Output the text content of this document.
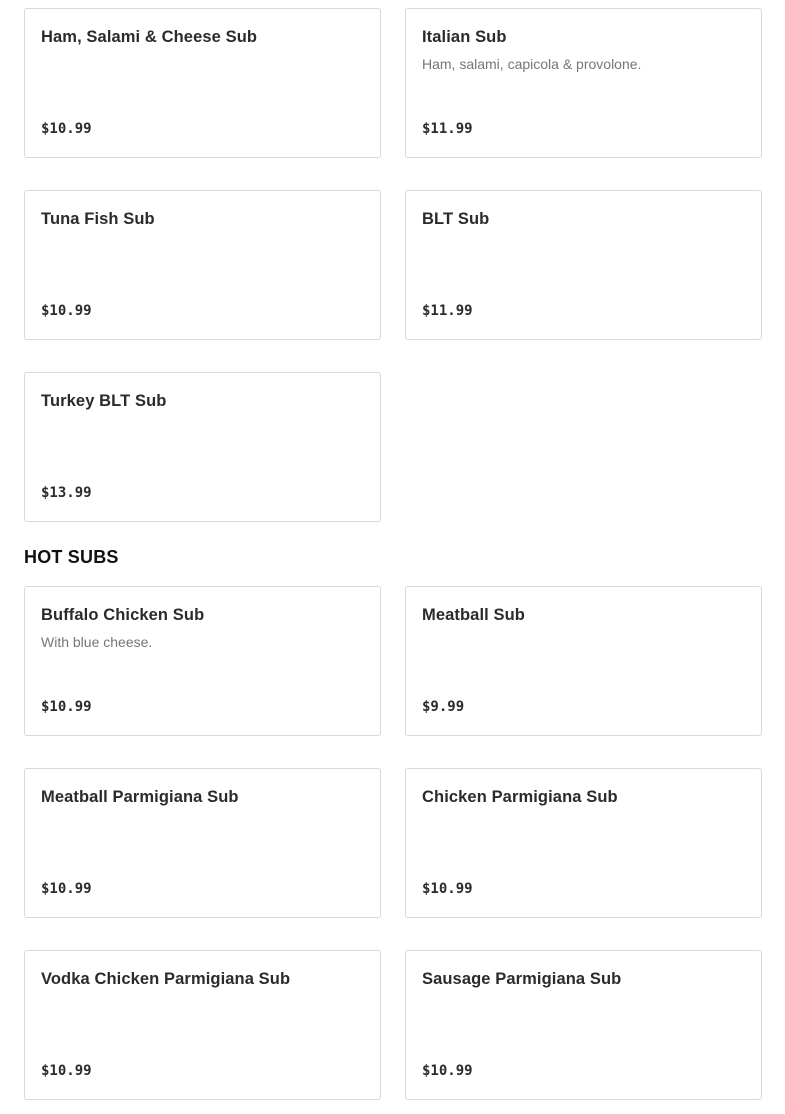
Ham, Salami & Cheese Sub
$10.99
Italian Sub
Ham, salami, capicola & provolone.
$11.99
Tuna Fish Sub
$10.99
BLT Sub
$11.99
Turkey BLT Sub
$13.99
HOT SUBS
Buffalo Chicken Sub
With blue cheese.
$10.99
Meatball Sub
$9.99
Meatball Parmigiana Sub
$10.99
Chicken Parmigiana Sub
$10.99
Vodka Chicken Parmigiana Sub
$10.99
Sausage Parmigiana Sub
$10.99
